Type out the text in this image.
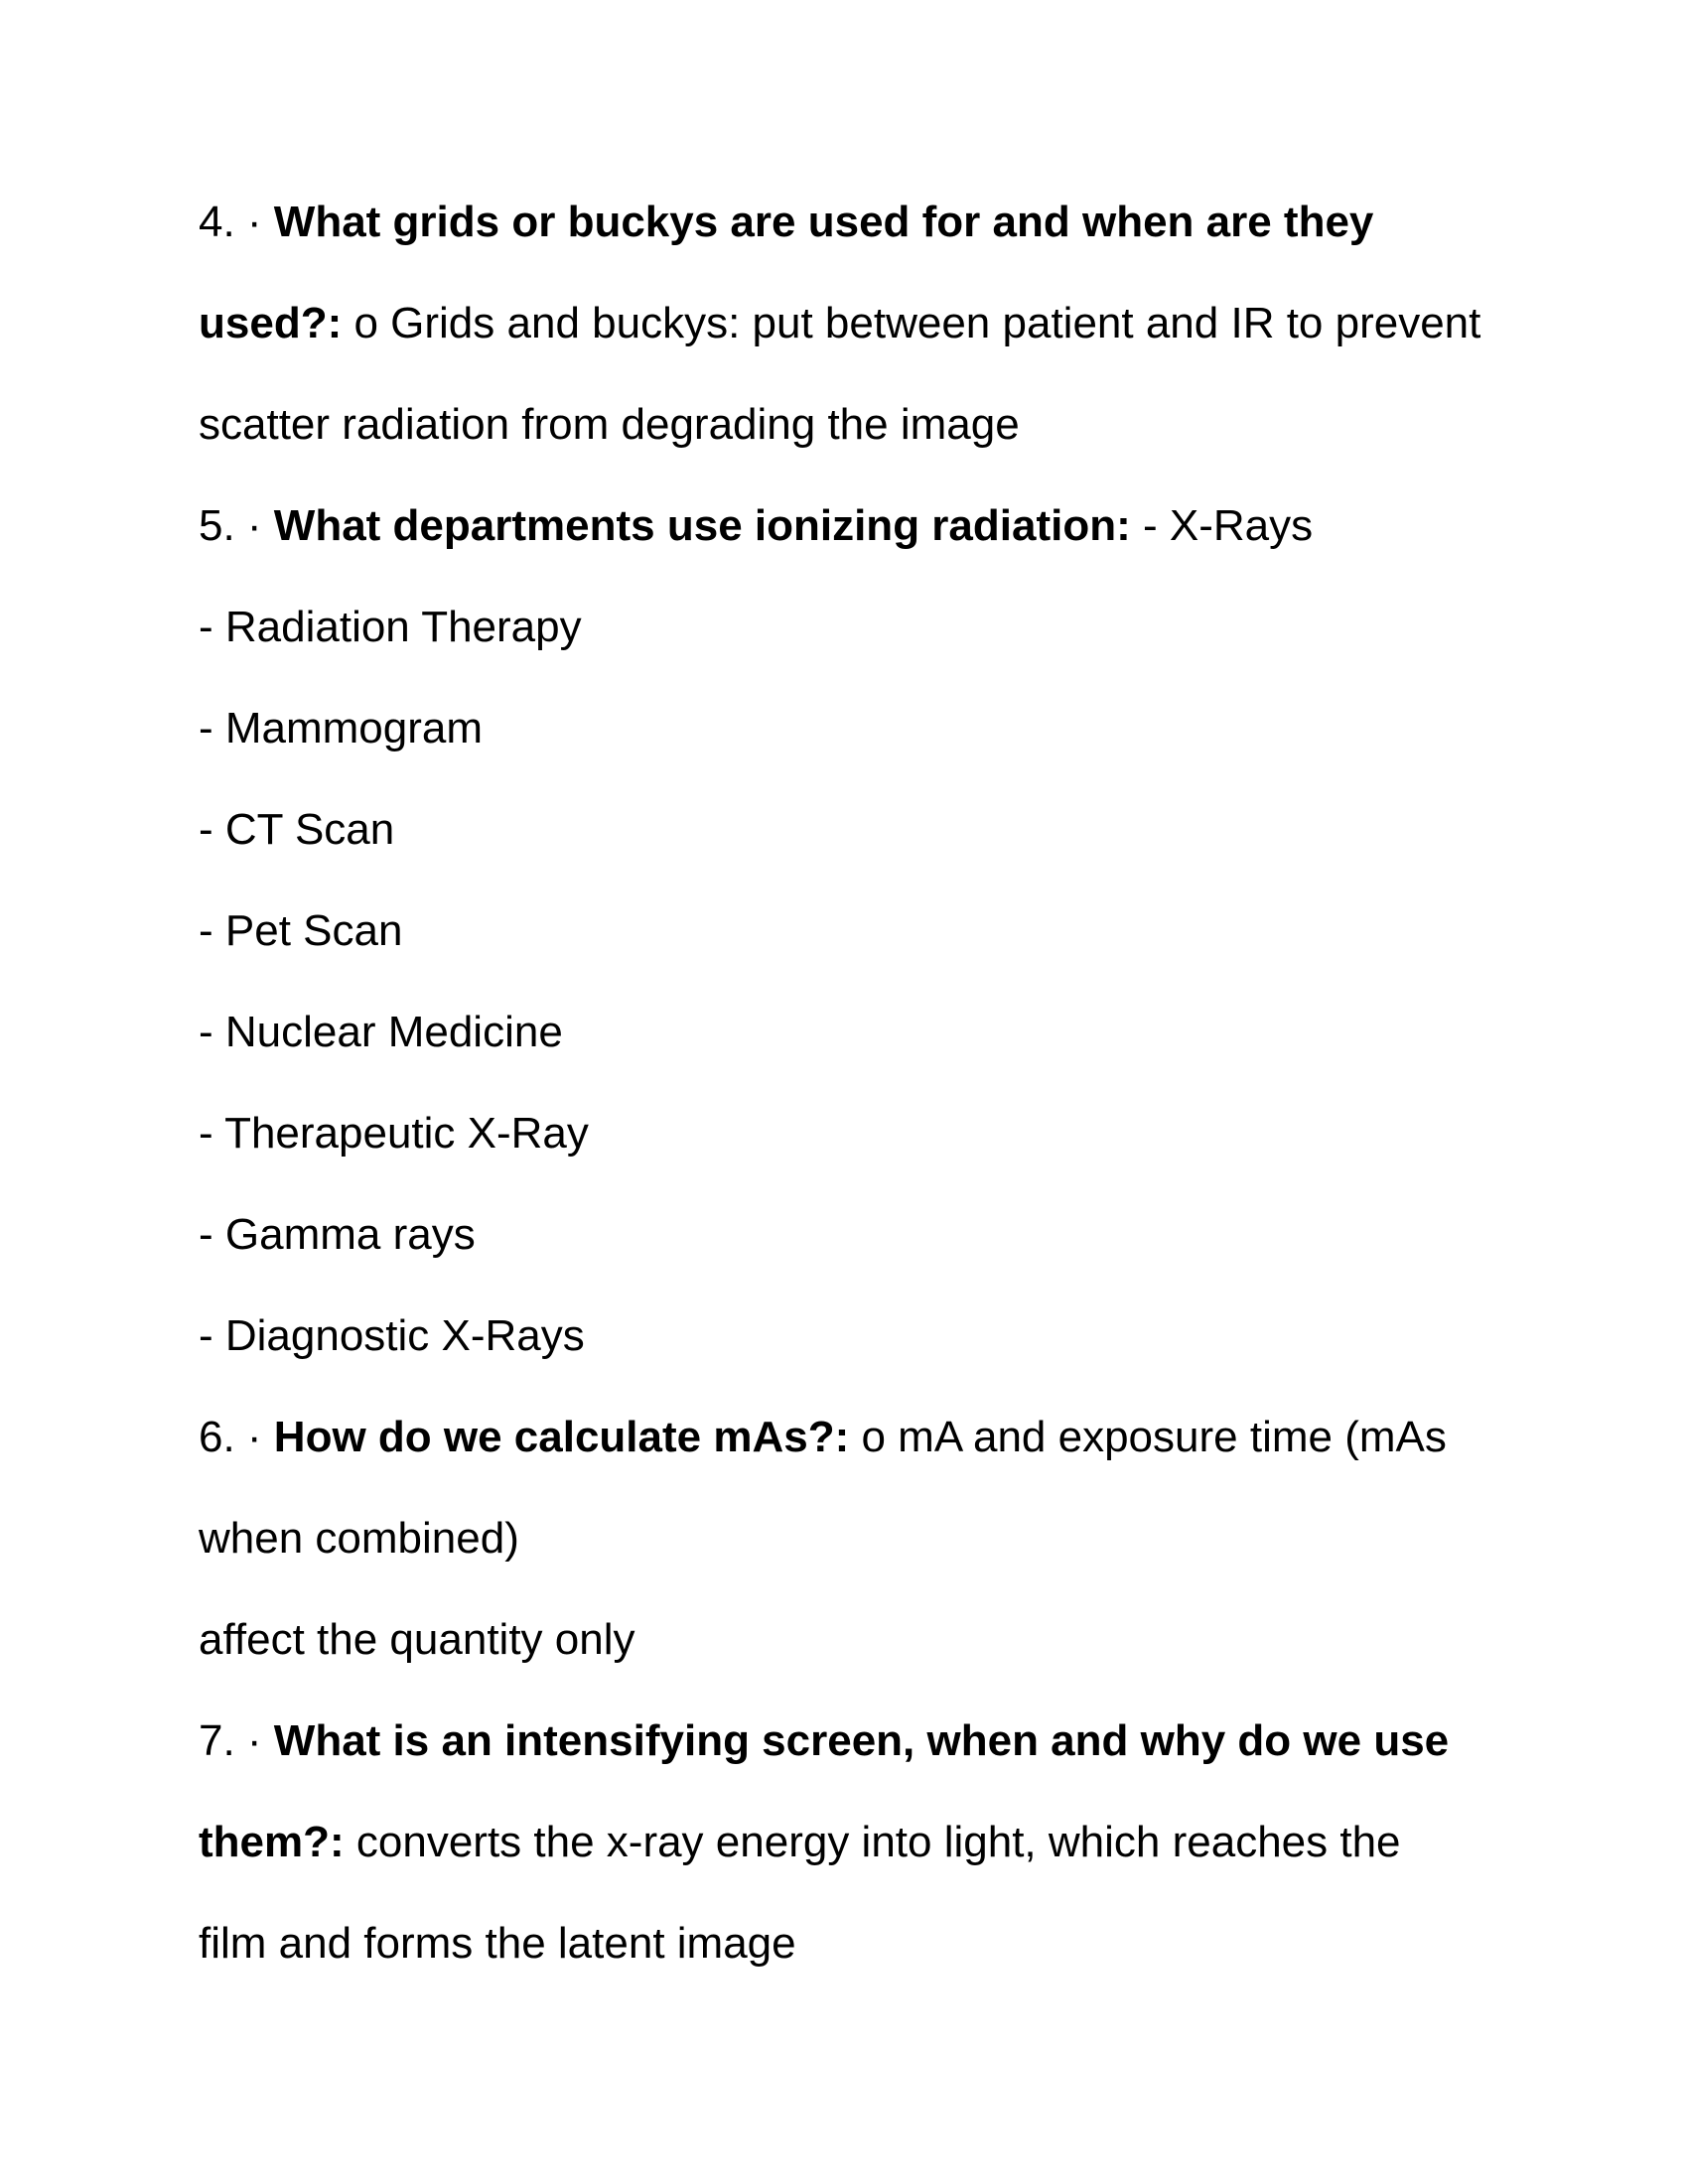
4. · What grids or buckys are used for and when are they
used?: o Grids and buckys: put between patient and IR to prevent
scatter radiation from degrading the image
5. · What departments use ionizing radiation: - X-Rays
- Radiation Therapy
- Mammogram
- CT Scan
- Pet Scan
- Nuclear Medicine
- Therapeutic X-Ray
- Gamma rays
- Diagnostic X-Rays
6. · How do we calculate mAs?: o mA and exposure time (mAs
when combined)
affect the quantity only
7. · What is an intensifying screen, when and why do we use
them?: converts the x-ray energy into light, which reaches the
film and forms the latent image
